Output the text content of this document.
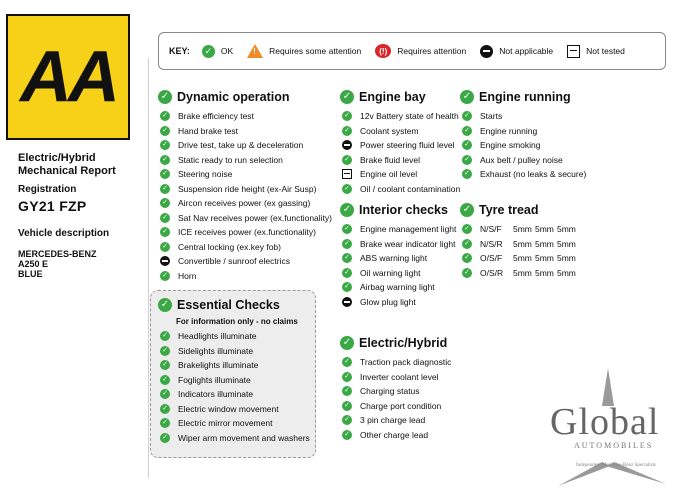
AA
Electric/Hybrid
Mechanical Report
Registration
GY21 FZP
Vehicle description
MERCEDES-BENZ
A250 E
BLUE
KEY:	✓	OK	! Requires some attention	(!)	Requires attention	Not applicable	Not tested
✓ Dynamic operation
✓ Brake efficiency test
✓ Hand brake test
✓ Drive test, take up & deceleration
✓ Static ready to run selection
✓ Steering noise
✓ Suspension ride height (ex-Air Susp)
✓ Aircon receives power (ex gassing)
✓ Sat Nav receives power (ex.functionality)
✓ ICE receives power (ex.functionality)
✓ Central locking (ex.key fob)
Convertible / sunroof electrics
✓ Horn
✓ Essential Checks
For information only - no claims
✓ Headlights illuminate
✓ Sidelights illuminate
✓ Brakelights illuminate
✓ Foglights illuminate
✓ Indicators illuminate
✓ Electric window movement
✓ Electric mirror movement
✓ Wiper arm movement and washers
✓ Engine bay
✓ 12v Battery state of health
✓ Coolant system
Power steering fluid level
✓ Brake fluid level
Engine oil level
✓ Oil / coolant contamination
✓ Interior checks
✓ Engine management light
✓ Brake wear indicator light
✓ ABS warning light
✓ Oil warning light
✓ Airbag warning light
Glow plug light
✓ Electric/Hybrid
✓ Traction pack diagnostic
✓ Inverter coolant level
✓ Charging status
✓ Charge port condition
✓ 3 pin charge lead
✓ Other charge lead
✓ Engine running
✓ Starts
✓ Engine running
✓ Engine smoking
✓ Aux belt / pulley noise
✓ Exhaust (no leaks & secure)
✓ Tyre tread
✓ N/S/F	5mm 5mm 5mm
✓ N/S/R	5mm 5mm 5mm
✓ O/S/F	5mm 5mm 5mm
✓ O/S/R	5mm 5mm 5mm
Global
AUTOMOBILES
Independent Mercedes-Benz Specialists
